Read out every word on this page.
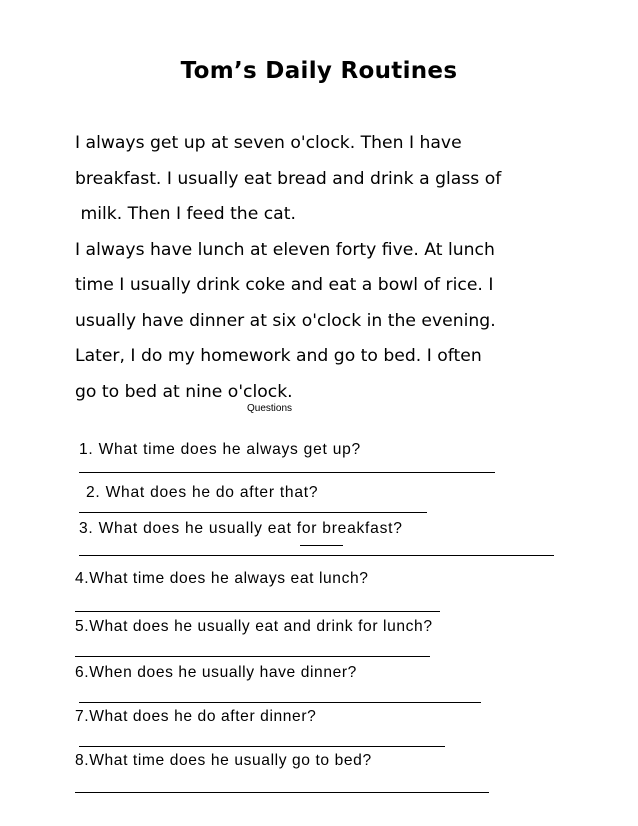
Tom’s Daily Routines
I always get up at seven o'clock. Then I have
breakfast. I usually eat bread and drink a glass of
milk. Then I feed the cat.
I always have lunch at eleven forty five. At lunch
time I usually drink coke and eat a bowl of rice. I
usually have dinner at six o'clock in the evening.
Later, I do my homework and go to bed. I often
go to bed at nine o'clock.
Questions
1. What time does he always get up?
2. What does he do after that?
3. What does he usually eat for breakfast?
4.What time does he always eat lunch?
5.What does he usually eat and drink for lunch?
6.When does he usually have dinner?
7.What does he do after dinner?
8.What time does he usually go to bed?
